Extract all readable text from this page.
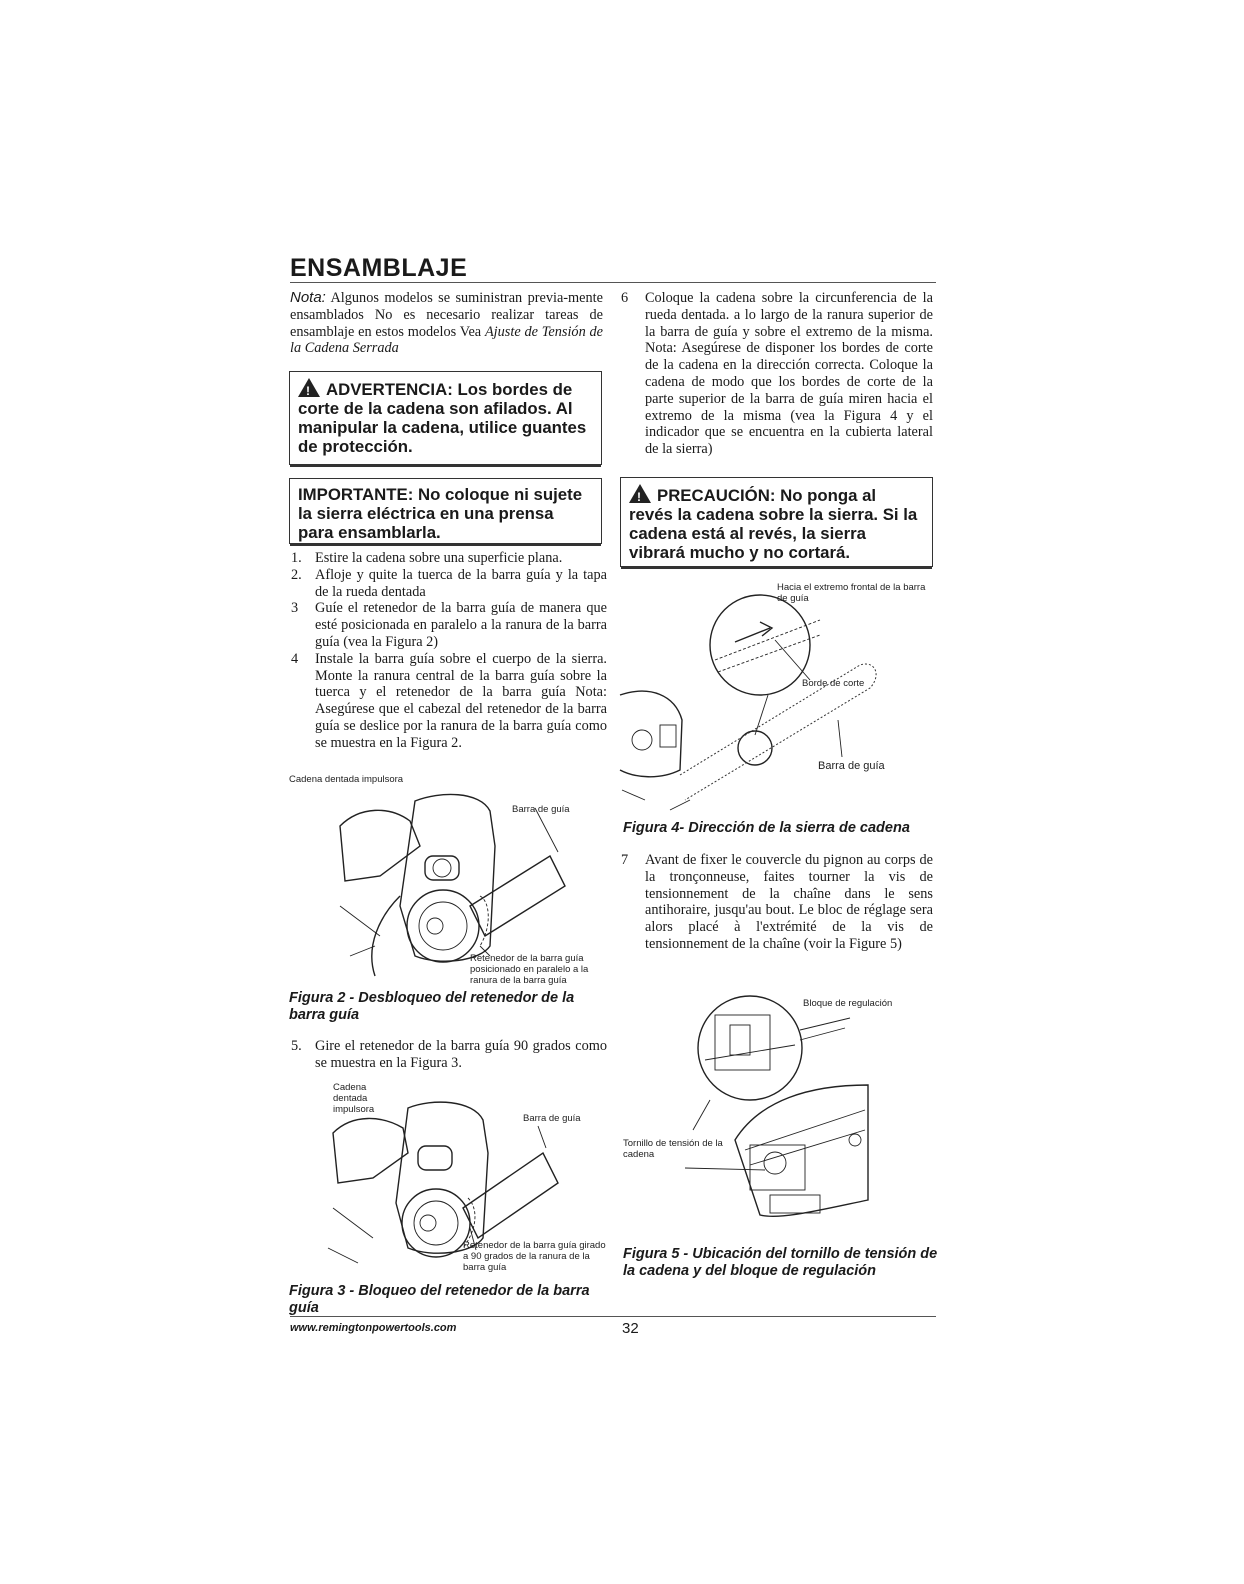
ENSAMBLAJE
Nota: Algunos modelos se suministran previa-mente ensamblados No es necesario realizar tareas de ensamblaje en estos modelos Vea Ajuste de Tensión de la Cadena Serrada
!ADVERTENCIA: Los bordes de corte de la cadena son afilados. Al manipular la cadena, utilice guantes de protección.
IMPORTANTE: No coloque ni sujete la sierra eléctrica en una prensa para ensamblarla.
1. Estire la cadena sobre una superficie plana.
2. Afloje y quite la tuerca de la barra guía y la tapa de la rueda dentada
3 Guíe el retenedor de la barra guía de manera que esté posicionada en paralelo a la ranura de la barra guía (vea la Figura 2)
4 Instale la barra guía sobre el cuerpo de la sierra. Monte la ranura central de la barra guía sobre la tuerca y el retenedor de la barra guía Nota: Asegúrese que el cabezal del retenedor de la barra guía se deslice por la ranura de la barra guía como se muestra en la Figura 2.
Cadena dentada impulsora
Barra de guía
Retenedor de la barra guía posicionado en paralelo a la ranura de la barra guía
Figura 2 - Desbloqueo del retenedor de la barra guía
5. Gire el retenedor de la barra guía 90 grados como se muestra en la Figura 3.
Cadena dentada impulsora
Barra de guía
Retenedor de la barra guía girado a 90 grados de la ranura de la barra guía
Figura 3 - Bloqueo del retenedor de la barra guía
6 Coloque la cadena sobre la circunferencia de la rueda dentada. a lo largo de la ranura superior de la barra de guía y sobre el extremo de la misma. Nota: Asegúrese de disponer los bordes de corte de la cadena en la dirección correcta. Coloque la cadena de modo que los bordes de corte de la parte superior de la barra de guía miren hacia el extremo de la misma (vea la Figura 4 y el indicador que se encuentra en la cubierta lateral de la sierra)
!PRECAUCIÓN: No ponga al revés la cadena sobre la sierra. Si la cadena está al revés, la sierra vibrará mucho y no cortará.
Hacia el extremo frontal de la barra de guía
Borde de corte
Barra de guía
Figura 4- Dirección de la sierra de cadena
7 Avant de fixer le couvercle du pignon au corps de la tronçonneuse, faites tourner la vis de tensionnement de la chaîne dans le sens antihoraire, jusqu'au bout. Le bloc de réglage sera alors placé à l'extrémité de la vis de tensionnement de la chaîne (voir la Figure 5)
Bloque de regulación
Tornillo de tensión de la cadena
Figura 5 - Ubicación del tornillo de tensión de la cadena y del bloque de regulación
www.remingtonpowertools.com	32
